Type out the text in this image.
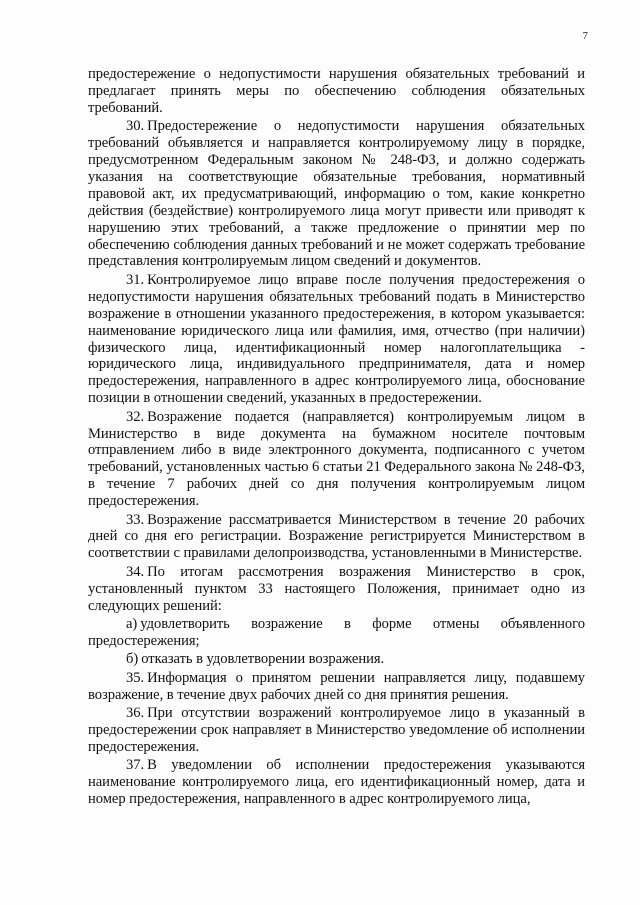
7

предостережение о недопустимости нарушения обязательных требований и предлагает принять меры по обеспечению соблюдения обязательных требований.

30. Предостережение о недопустимости нарушения обязательных требований объявляется и направляется контролируемому лицу в порядке, предусмотренном Федеральным законом № 248-ФЗ, и должно содержать указания на соответствующие обязательные требования, нормативный правовой акт, их предусматривающий, информацию о том, какие конкретно действия (бездействие) контролируемого лица могут привести или приводят к нарушению этих требований, а также предложение о принятии мер по обеспечению соблюдения данных требований и не может содержать требование представления контролируемым лицом сведений и документов.

31. Контролируемое лицо вправе после получения предостережения о недопустимости нарушения обязательных требований подать в Министерство возражение в отношении указанного предостережения, в котором указывается: наименование юридического лица или фамилия, имя, отчество (при наличии) физического лица, идентификационный номер налогоплательщика - юридического лица, индивидуального предпринимателя, дата и номер предостережения, направленного в адрес контролируемого лица, обоснование позиции в отношении сведений, указанных в предостережении.

32. Возражение подается (направляется) контролируемым лицом в Министерство в виде документа на бумажном носителе почтовым отправлением либо в виде электронного документа, подписанного с учетом требований, установленных частью 6 статьи 21 Федерального закона № 248-ФЗ, в течение 7 рабочих дней со дня получения контролируемым лицом предостережения.

33. Возражение рассматривается Министерством в течение 20 рабочих дней со дня его регистрации. Возражение регистрируется Министерством в соответствии с правилами делопроизводства, установленными в Министерстве.

34. По итогам рассмотрения возражения Министерство в срок, установленный пунктом 33 настоящего Положения, принимает одно из следующих решений:

а) удовлетворить возражение в форме отмены объявленного предостережения;

б) отказать в удовлетворении возражения.

35. Информация о принятом решении направляется лицу, подавшему возражение, в течение двух рабочих дней со дня принятия решения.

36. При отсутствии возражений контролируемое лицо в указанный в предостережении срок направляет в Министерство уведомление об исполнении предостережения.

37. В уведомлении об исполнении предостережения указываются наименование контролируемого лица, его идентификационный номер, дата и номер предостережения, направленного в адрес контролируемого лица,
